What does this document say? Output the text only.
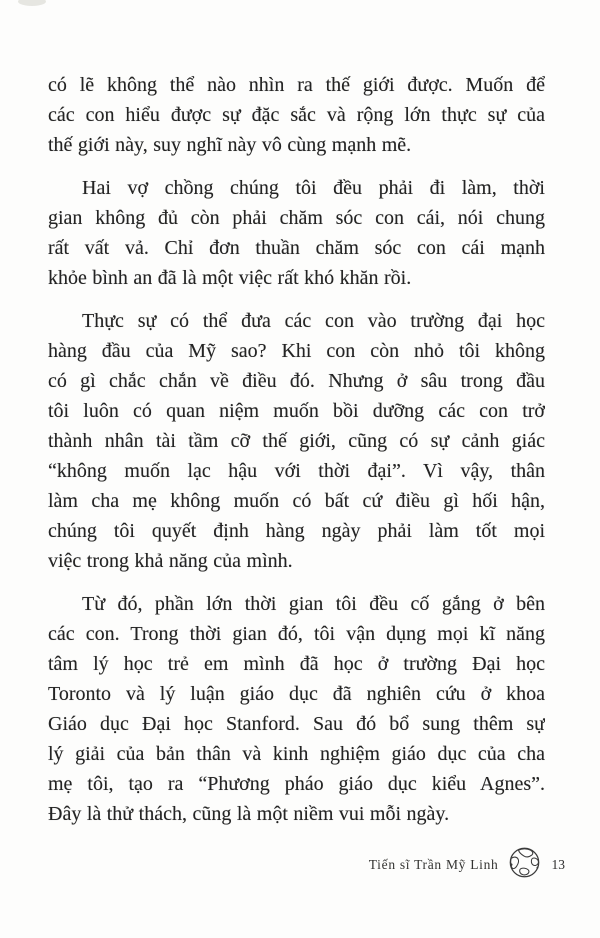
có lẽ không thể nào nhìn ra thế giới được. Muốn để
các con hiểu được sự đặc sắc và rộng lớn thực sự của
thế giới này, suy nghĩ này vô cùng mạnh mẽ.
Hai vợ chồng chúng tôi đều phải đi làm, thời
gian không đủ còn phải chăm sóc con cái, nói chung
rất vất vả. Chỉ đơn thuần chăm sóc con cái mạnh
khỏe bình an đã là một việc rất khó khăn rồi.
Thực sự có thể đưa các con vào trường đại học
hàng đầu của Mỹ sao? Khi con còn nhỏ tôi không
có gì chắc chắn về điều đó. Nhưng ở sâu trong đầu
tôi luôn có quan niệm muốn bồi dưỡng các con trở
thành nhân tài tầm cỡ thế giới, cũng có sự cảnh giác
“không muốn lạc hậu với thời đại”. Vì vậy, thân
làm cha mẹ không muốn có bất cứ điều gì hối hận,
chúng tôi quyết định hàng ngày phải làm tốt mọi
việc trong khả năng của mình.
Từ đó, phần lớn thời gian tôi đều cố gắng ở bên
các con. Trong thời gian đó, tôi vận dụng mọi kĩ năng
tâm lý học trẻ em mình đã học ở trường Đại học
Toronto và lý luận giáo dục đã nghiên cứu ở khoa
Giáo dục Đại học Stanford. Sau đó bổ sung thêm sự
lý giải của bản thân và kinh nghiệm giáo dục của cha
mẹ tôi, tạo ra “Phương pháo giáo dục kiểu Agnes”.
Đây là thử thách, cũng là một niềm vui mỗi ngày.
Tiến sĩ Trần Mỹ Linh	13
